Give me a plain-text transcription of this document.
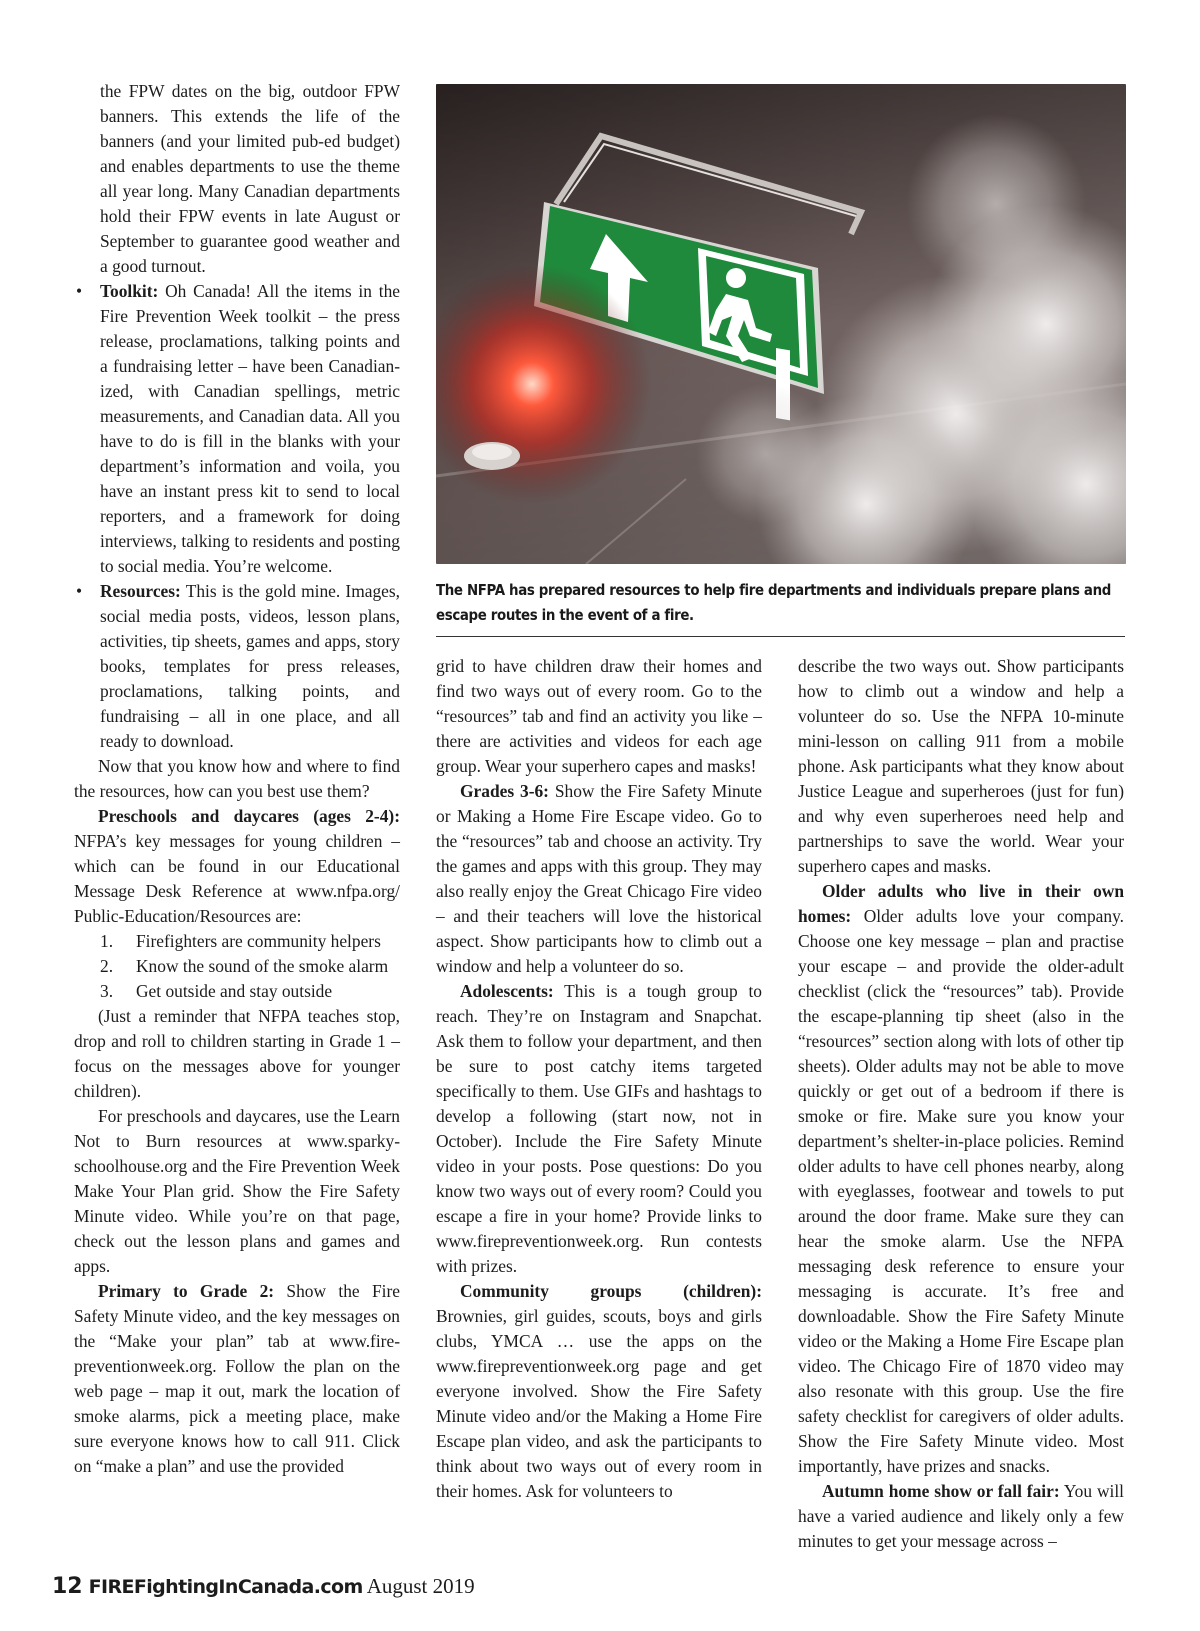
the FPW dates on the big, outdoor FPW banners. This extends the life of the banners (and your limited pub-ed budget) and enables departments to use the theme all year long. Many Canadian departments hold their FPW events in late August or September to guarantee good weather and a good turnout.

• Toolkit: Oh Canada! All the items in the Fire Prevention Week toolkit – the press release, proclamations, talking points and a fundraising letter – have been Canadian-ized, with Canadian spellings, metric measurements, and Canadian data. All you have to do is fill in the blanks with your department’s information and voila, you have an instant press kit to send to local reporters, and a framework for doing interviews, talking to residents and posting to social media. You’re welcome.
• Resources: This is the gold mine. Images, social media posts, videos, lesson plans, activities, tip sheets, games and apps, story books, templates for press releases, proclamations, talking points, and fundraising – all in one place, and all ready to download.

Now that you know how and where to find the resources, how can you best use them?

Preschools and daycares (ages 2-4): NFPA’s key messages for young children – which can be found in our Educational Message Desk Reference at www.nfpa.org/ Public-Education/Resources are:

1. Firefighters are community helpers
2. Know the sound of the smoke alarm
3. Get outside and stay outside

(Just a reminder that NFPA teaches stop, drop and roll to children starting in Grade 1 – focus on the messages above for younger children).

For preschools and daycares, use the Learn Not to Burn resources at www.sparkyschoolhouse.org and the Fire Prevention Week Make Your Plan grid. Show the Fire Safety Minute video. While you’re on that page, check out the lesson plans and games and apps.

Primary to Grade 2: Show the Fire Safety Minute video, and the key messages on the “Make your plan” tab at www.firepreventionweek.org. Follow the plan on the web page – map it out, mark the location of smoke alarms, pick a meeting place, make sure everyone knows how to call 911. Click on “make a plan” and use the provided

The NFPA has prepared resources to help fire departments and individuals prepare plans and escape routes in the event of a fire.

grid to have children draw their homes and find two ways out of every room. Go to the “resources” tab and find an activity you like – there are activities and videos for each age group. Wear your superhero capes and masks!

Grades 3-6: Show the Fire Safety Minute or Making a Home Fire Escape video. Go to the “resources” tab and choose an activity. Try the games and apps with this group. They may also really enjoy the Great Chicago Fire video – and their teachers will love the historical aspect. Show participants how to climb out a window and help a volunteer do so.

Adolescents: This is a tough group to reach. They’re on Instagram and Snapchat. Ask them to follow your department, and then be sure to post catchy items targeted specifically to them. Use GIFs and hashtags to develop a following (start now, not in October). Include the Fire Safety Minute video in your posts. Pose questions: Do you know two ways out of every room? Could you escape a fire in your home? Provide links to www.firepreventionweek.org. Run contests with prizes.

Community groups (children): Brownies, girl guides, scouts, boys and girls clubs, YMCA … use the apps on the www.firepreventionweek.org page and get everyone involved. Show the Fire Safety Minute video and/or the Making a Home Fire Escape plan video, and ask the participants to think about two ways out of every room in their homes. Ask for volunteers to

describe the two ways out. Show participants how to climb out a window and help a volunteer do so. Use the NFPA 10-minute mini-lesson on calling 911 from a mobile phone. Ask participants what they know about Justice League and superheroes (just for fun) and why even superheroes need help and partnerships to save the world. Wear your superhero capes and masks.

Older adults who live in their own homes: Older adults love your company. Choose one key message – plan and practise your escape – and provide the older-adult checklist (click the “resources” tab). Provide the escape-planning tip sheet (also in the “resources” section along with lots of other tip sheets). Older adults may not be able to move quickly or get out of a bedroom if there is smoke or fire. Make sure you know your department’s shelter-in-place policies. Remind older adults to have cell phones nearby, along with eyeglasses, footwear and towels to put around the door frame. Make sure they can hear the smoke alarm. Use the NFPA messaging desk reference to ensure your messaging is accurate. It’s free and downloadable. Show the Fire Safety Minute video or the Making a Home Fire Escape plan video. The Chicago Fire of 1870 video may also resonate with this group. Use the fire safety checklist for caregivers of older adults. Show the Fire Safety Minute video. Most importantly, have prizes and snacks.

Autumn home show or fall fair: You will have a varied audience and likely only a few minutes to get your message across –

12 FIREFightingInCanada.com August 2019
